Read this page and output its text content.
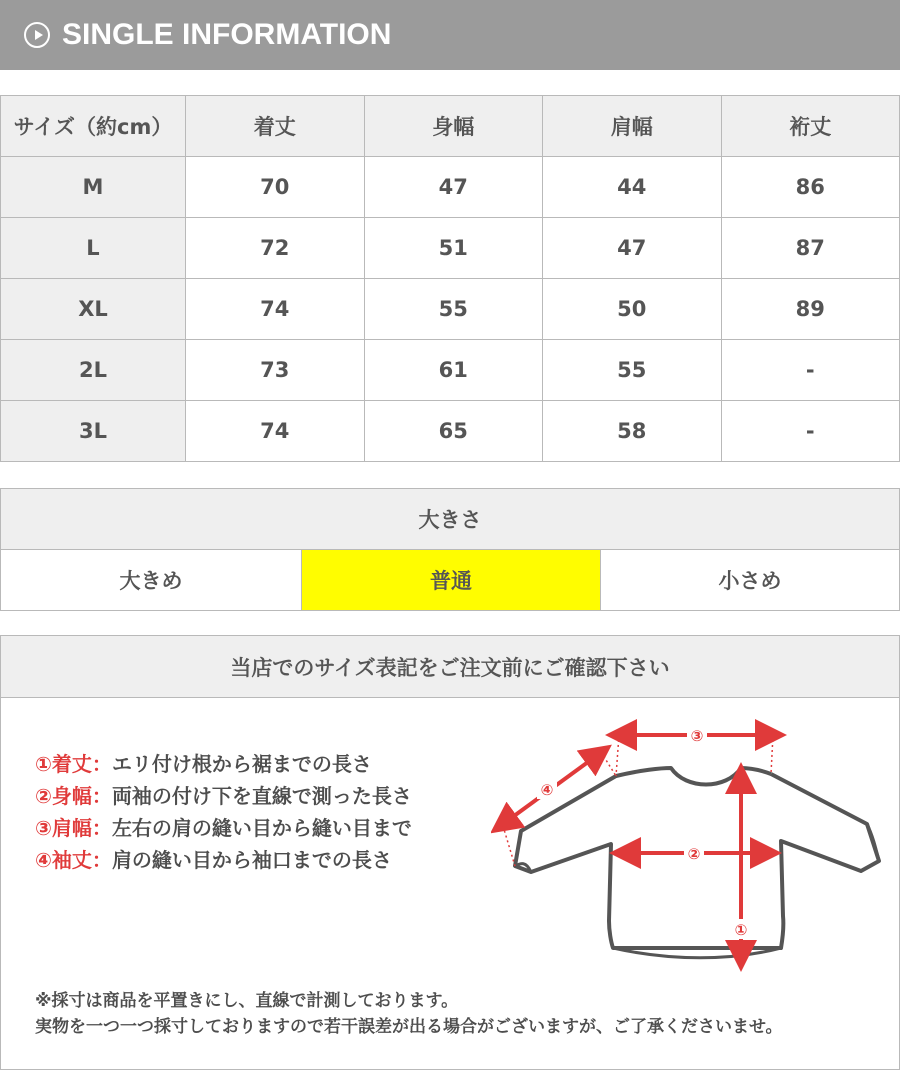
SINGLE INFORMATION
サイズ（約cm）	着丈	身幅	肩幅	裄丈
M	70	47	44	86
L	72	51	47	87
XL	74	55	50	89
2L	73	61	55	-
3L	74	65	58	-
大きさ
大きめ	普通	小さめ
当店でのサイズ表記をご注文前にご確認下さい
①着丈：エリ付け根から裾までの長さ
②身幅：両袖の付け下を直線で測った長さ
③肩幅：左右の肩の縫い目から縫い目まで
④袖丈：肩の縫い目から袖口までの長さ
①
②
③
④
※採寸は商品を平置きにし、直線で計測しております。
実物を一つ一つ採寸しておりますので若干誤差が出る場合がございますが、ご了承くださいませ。
